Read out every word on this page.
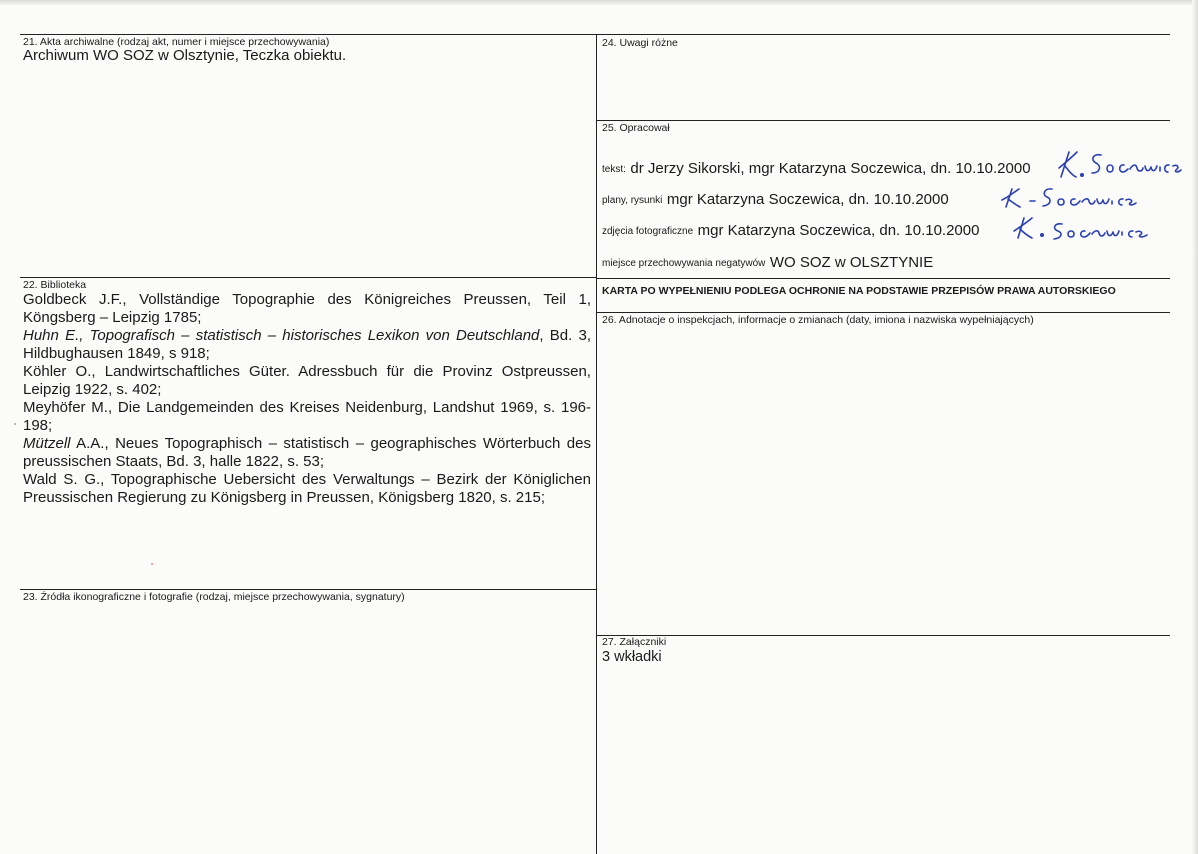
21. Akta archiwalne (rodzaj akt, numer i miejsce przechowywania)
Archiwum WO SOZ w Olsztynie, Teczka obiektu.
22. Biblioteka

Goldbeck J.F., Vollständige Topographie des Königreiches Preussen, Teil 1, Köngsberg – Leipzig 1785;

Huhn E., Topografisch – statistisch – historisches Lexikon von Deutschland, Bd. 3, Hildbughausen 1849, s 918;

Köhler O., Landwirtschaftliches Güter. Adressbuch für die Provinz Ostpreussen, Leipzig 1922, s. 402;

Meyhöfer M., Die Landgemeinden des Kreises Neidenburg, Landshut 1969, s. 196-198;

Mützell A.A., Neues Topographisch – statistisch – geographisches Wörterbuch des preussischen Staats, Bd. 3, halle 1822, s. 53;

Wald S. G., Topographische Uebersicht des Verwaltungs – Bezirk der Königlichen Preussischen Regierung zu Königsberg in Preussen, Königsberg 1820, s. 215;

23. Źródła ikonograficzne i fotografie (rodzaj, miejsce przechowywania, sygnatury)
24. Uwagi różne
25. Opracował
tekst: dr Jerzy Sikorski, mgr Katarzyna Soczewica, dn. 10.10.2000
plany, rysunki mgr Katarzyna Soczewica, dn. 10.10.2000
zdjęcia fotograficzne mgr Katarzyna Soczewica, dn. 10.10.2000
miejsce przechowywania negatywów WO SOZ w OLSZTYNIE
KARTA PO WYPEŁNIENIU PODLEGA OCHRONIE NA PODSTAWIE PRZEPISÓW PRAWA AUTORSKIEGO
26. Adnotacje o inspekcjach, informacje o zmianach (daty, imiona i nazwiska wypełniających)
27. Załączniki
3 wkładki
